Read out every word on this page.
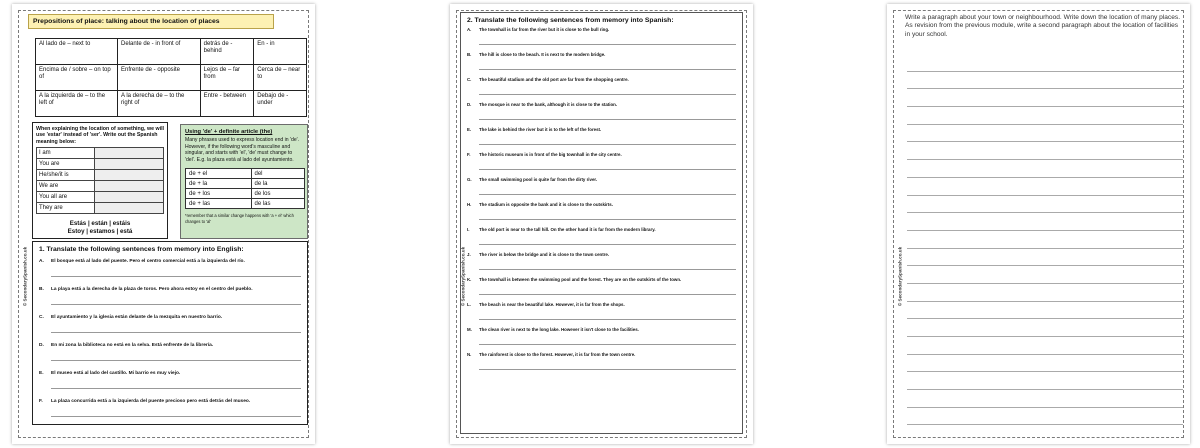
© SecondarySpanish.co.uk
Prepositions of place: talking about the location of places
Al lado de – next to	Delante de - in front of	detrás de - behind	En - in
Encima de / sobre – on top of	Enfrente de - opposite	Lejos de – far from	Cerca de – near to
A la izquierda de – to the left of	A la derecha de – to the right of	Entre - between	Debajo de - under
When explaining the location of something, we will use 'estar' instead of 'ser'. Write out the Spanish meaning below:
I am	
You are	
He/she/it is	
We are	
You all are	
They are	
Estás | están | estáis
Estoy | estamos | está
Using 'de' + definite article (the)
Many phrases used to express location end in 'de'. However, if the following word's masculine and singular, and starts with 'el', 'de' must change to 'del'. E.g. la plaza está al lado del ayuntamiento.
de + el	del
de + la	de la
de + los	de los
de + las	de las
*remember that a similar change happens with 'a + el' which changes to 'al'
1. Translate the following sentences from memory into English:
A.	El bosque está al lado del puente. Pero el centro comercial está a la izquierda del río.
B.	La playa está a la derecha de la plaza de toros. Pero ahora estoy en el centro del pueblo.
C.	El ayuntamiento y la iglesia están delante de la mezquita en nuestro barrio.
D.	En mi zona la biblioteca no está en la selva. Está enfrente de la librería.
E.	El museo está al lado del castillo. Mi barrio es muy viejo.
F.	La plaza concurrida está a la izquierda del puente precioso pero está detrás del museo.
© SecondarySpanish.co.uk
2. Translate the following sentences from memory into Spanish:
A.	The townhall is far from the river but it is close to the bull ring.
B.	The hill is close to the beach. It is next to the modern bridge.
C.	The beautiful stadium and the old port are far from the shopping centre.
D.	The mosque is near to the bank, although it is close to the station.
E.	The lake is behind the river but it is to the left of the forest.
F.	The historic museum is in front of the big townhall in the city centre.
G.	The small swimming pool is quite far from the dirty river.
H.	The stadium is opposite the bank and it is close to the outskirts.
I.	The old port is near to the tall hill. On the other hand it is far from the modern library.
J.	The river is below the bridge and it is close to the town centre.
K.	The townhall is between the swimming pool and the forest. They are on the outskirts of the town.
L.	The beach is near the beautiful lake. However, it is far from the shops.
M.	The clean river is next to the long lake. However it isn't close to the facilities.
N.	The rainforest is close to the forest. However, it is far from the town centre.
© SecondarySpanish.co.uk
Write a paragraph about your town or neighbourhood. Write down the location of many places. As revision from the previous module, write a second paragraph about the location of facilities in your school.
